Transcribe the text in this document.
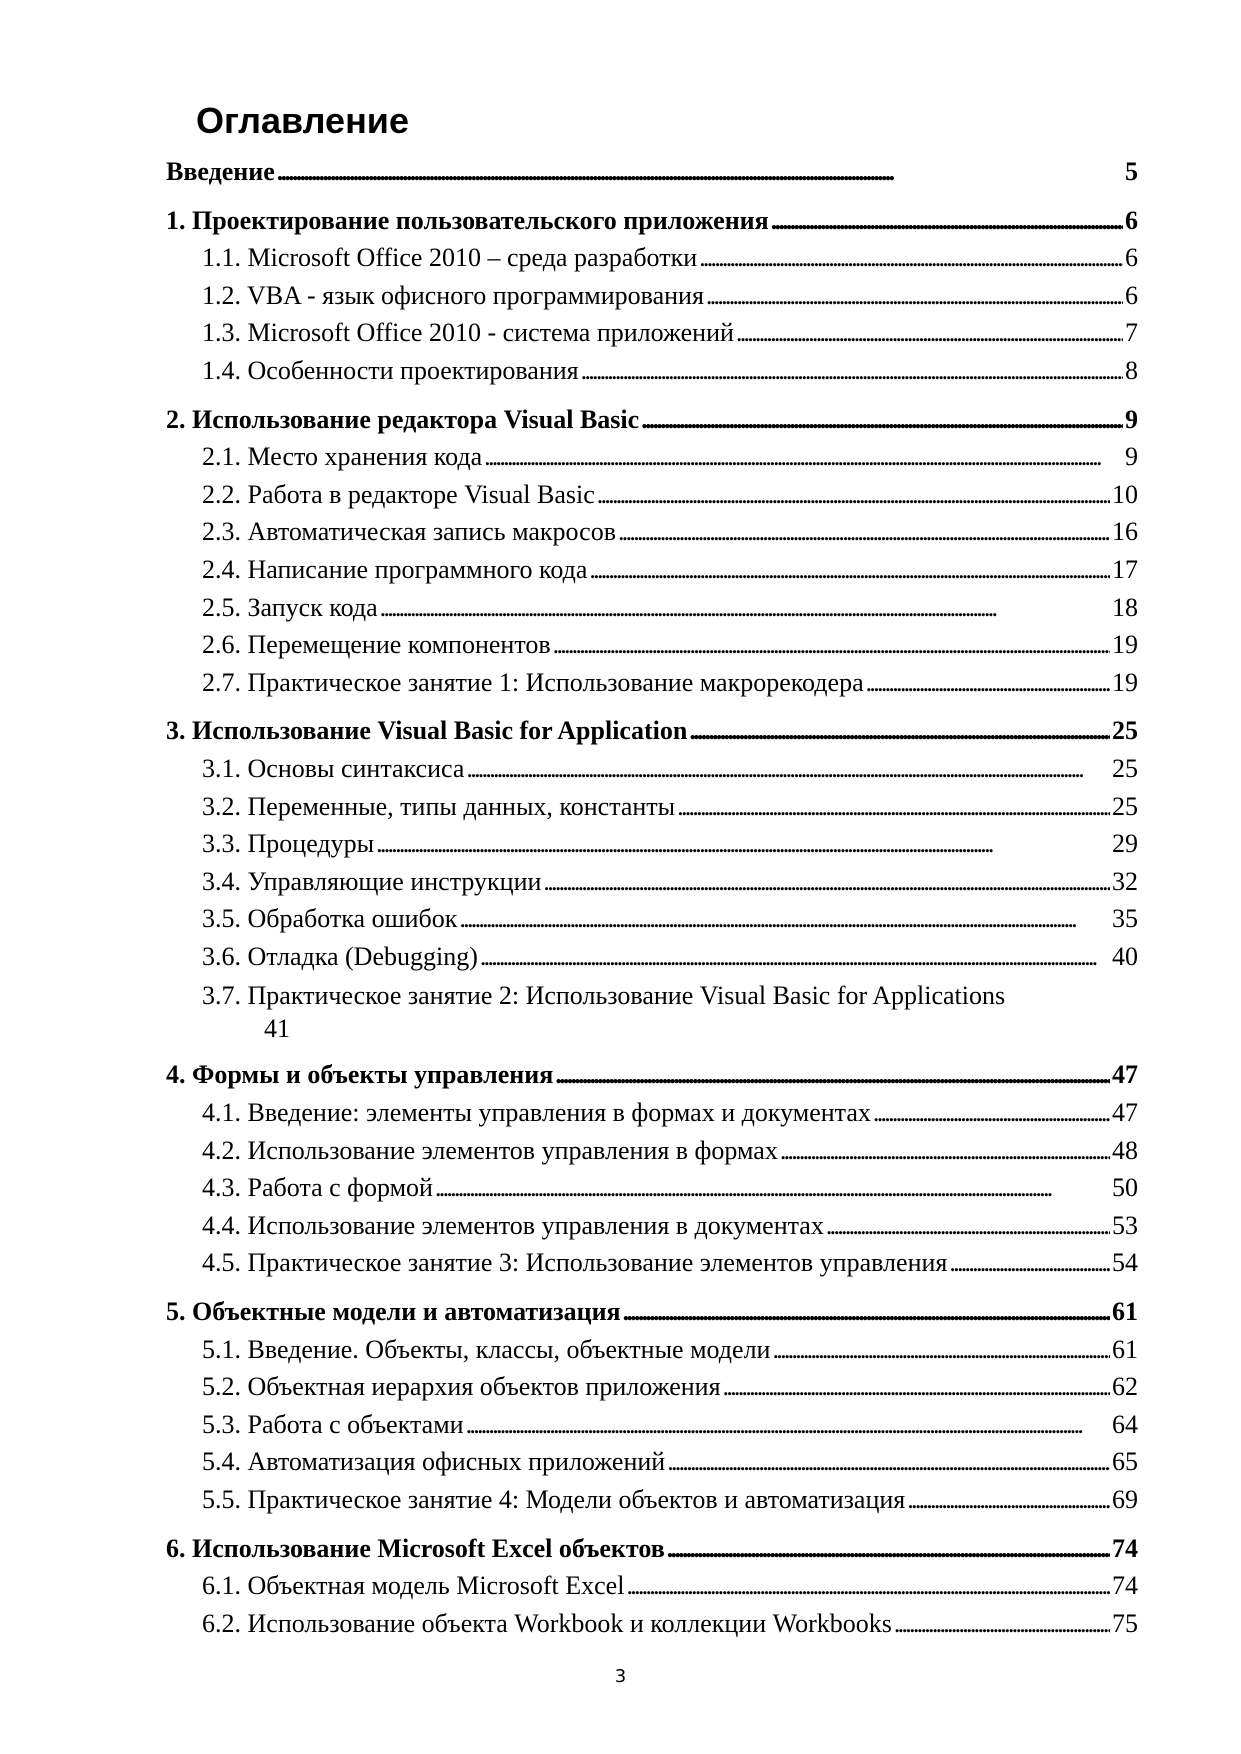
Оглавление
Введение . . .	5
1. Проектирование пользовательского приложения . . .	6
1.1. Microsoft Office 2010 – среда разработки . . .	6
1.2. VBA - язык офисного программирования . . .	6
1.3. Microsoft Office 2010 - система приложений . . .	7
1.4. Особенности проектирования . . .	8
2. Использование редактора Visual Basic . . .	9
2.1. Место хранения кода . . .	9
2.2. Работа в редакторе Visual Basic . . .	10
2.3. Автоматическая запись макросов . . .	16
2.4. Написание программного кода . . .	17
2.5. Запуск кода . . .	18
2.6. Перемещение компонентов . . .	19
2.7. Практическое занятие 1: Использование макрорекодера . . .	19
3. Использование Visual Basic for Application . . .	25
3.1. Основы синтаксиса . . .	25
3.2. Переменные, типы данных, константы . . .	25
3.3. Процедуры . . .	29
3.4. Управляющие инструкции . . .	32
3.5. Обработка ошибок . . .	35
3.6. Отладка (Debugging) . . .	40
3.7. Практическое занятие 2: Использование Visual Basic for Applications
41
4. Формы и объекты управления . . .	47
4.1. Введение: элементы управления в формах и документах . . .	47
4.2. Использование элементов управления в формах . . .	48
4.3. Работа с формой . . .	50
4.4. Использование элементов управления в документах . . .	53
4.5. Практическое занятие 3: Использование элементов управления . . .	54
5. Объектные модели и автоматизация . . .	61
5.1. Введение. Объекты, классы, объектные модели . . .	61
5.2. Объектная иерархия объектов приложения . . .	62
5.3. Работа с объектами . . .	64
5.4. Автоматизация офисных приложений . . .	65
5.5. Практическое занятие 4: Модели объектов и автоматизация . . .	69
6. Использование Microsoft Excel объектов . . .	74
6.1. Объектная модель Microsoft Excel . . .	74
6.2. Использование объекта Workbook и коллекции Workbooks . . .	75
3
